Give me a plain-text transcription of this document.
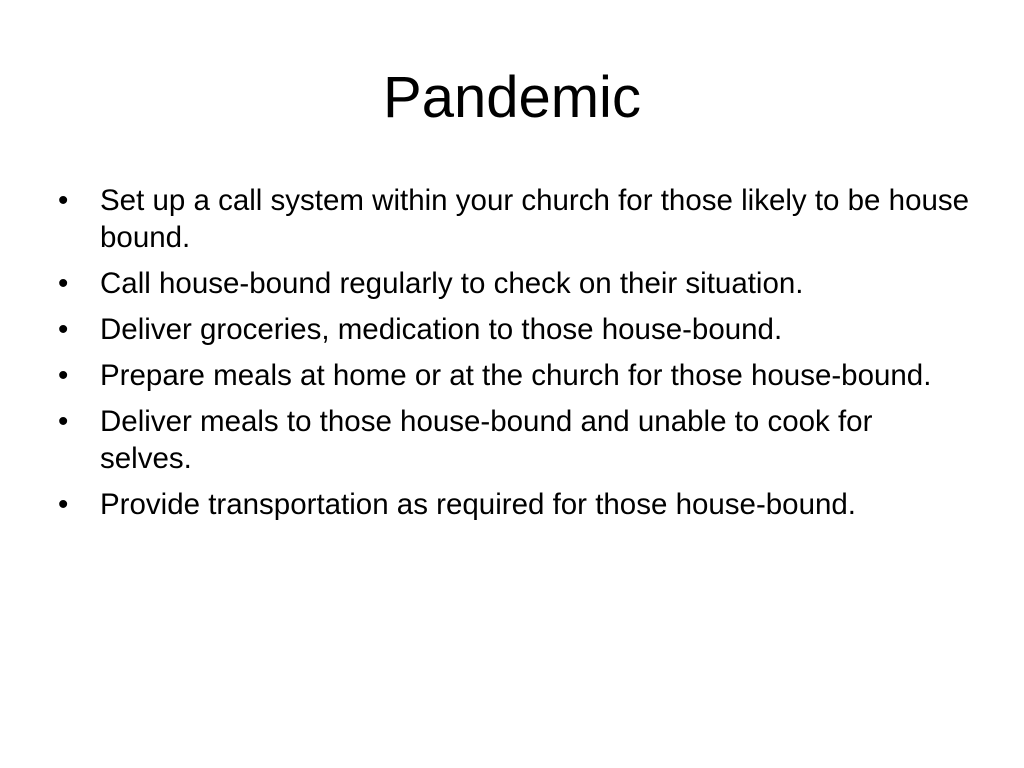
Pandemic
•	Set up a call system within your church for those likely to be house bound.
•	Call house-bound regularly to check on their situation.
•	Deliver groceries, medication to those house-bound.
•	Prepare meals at home or at the church for those house-bound.
•	Deliver meals to those house-bound and unable to cook for selves.
•	Provide transportation as required for those house-bound.
